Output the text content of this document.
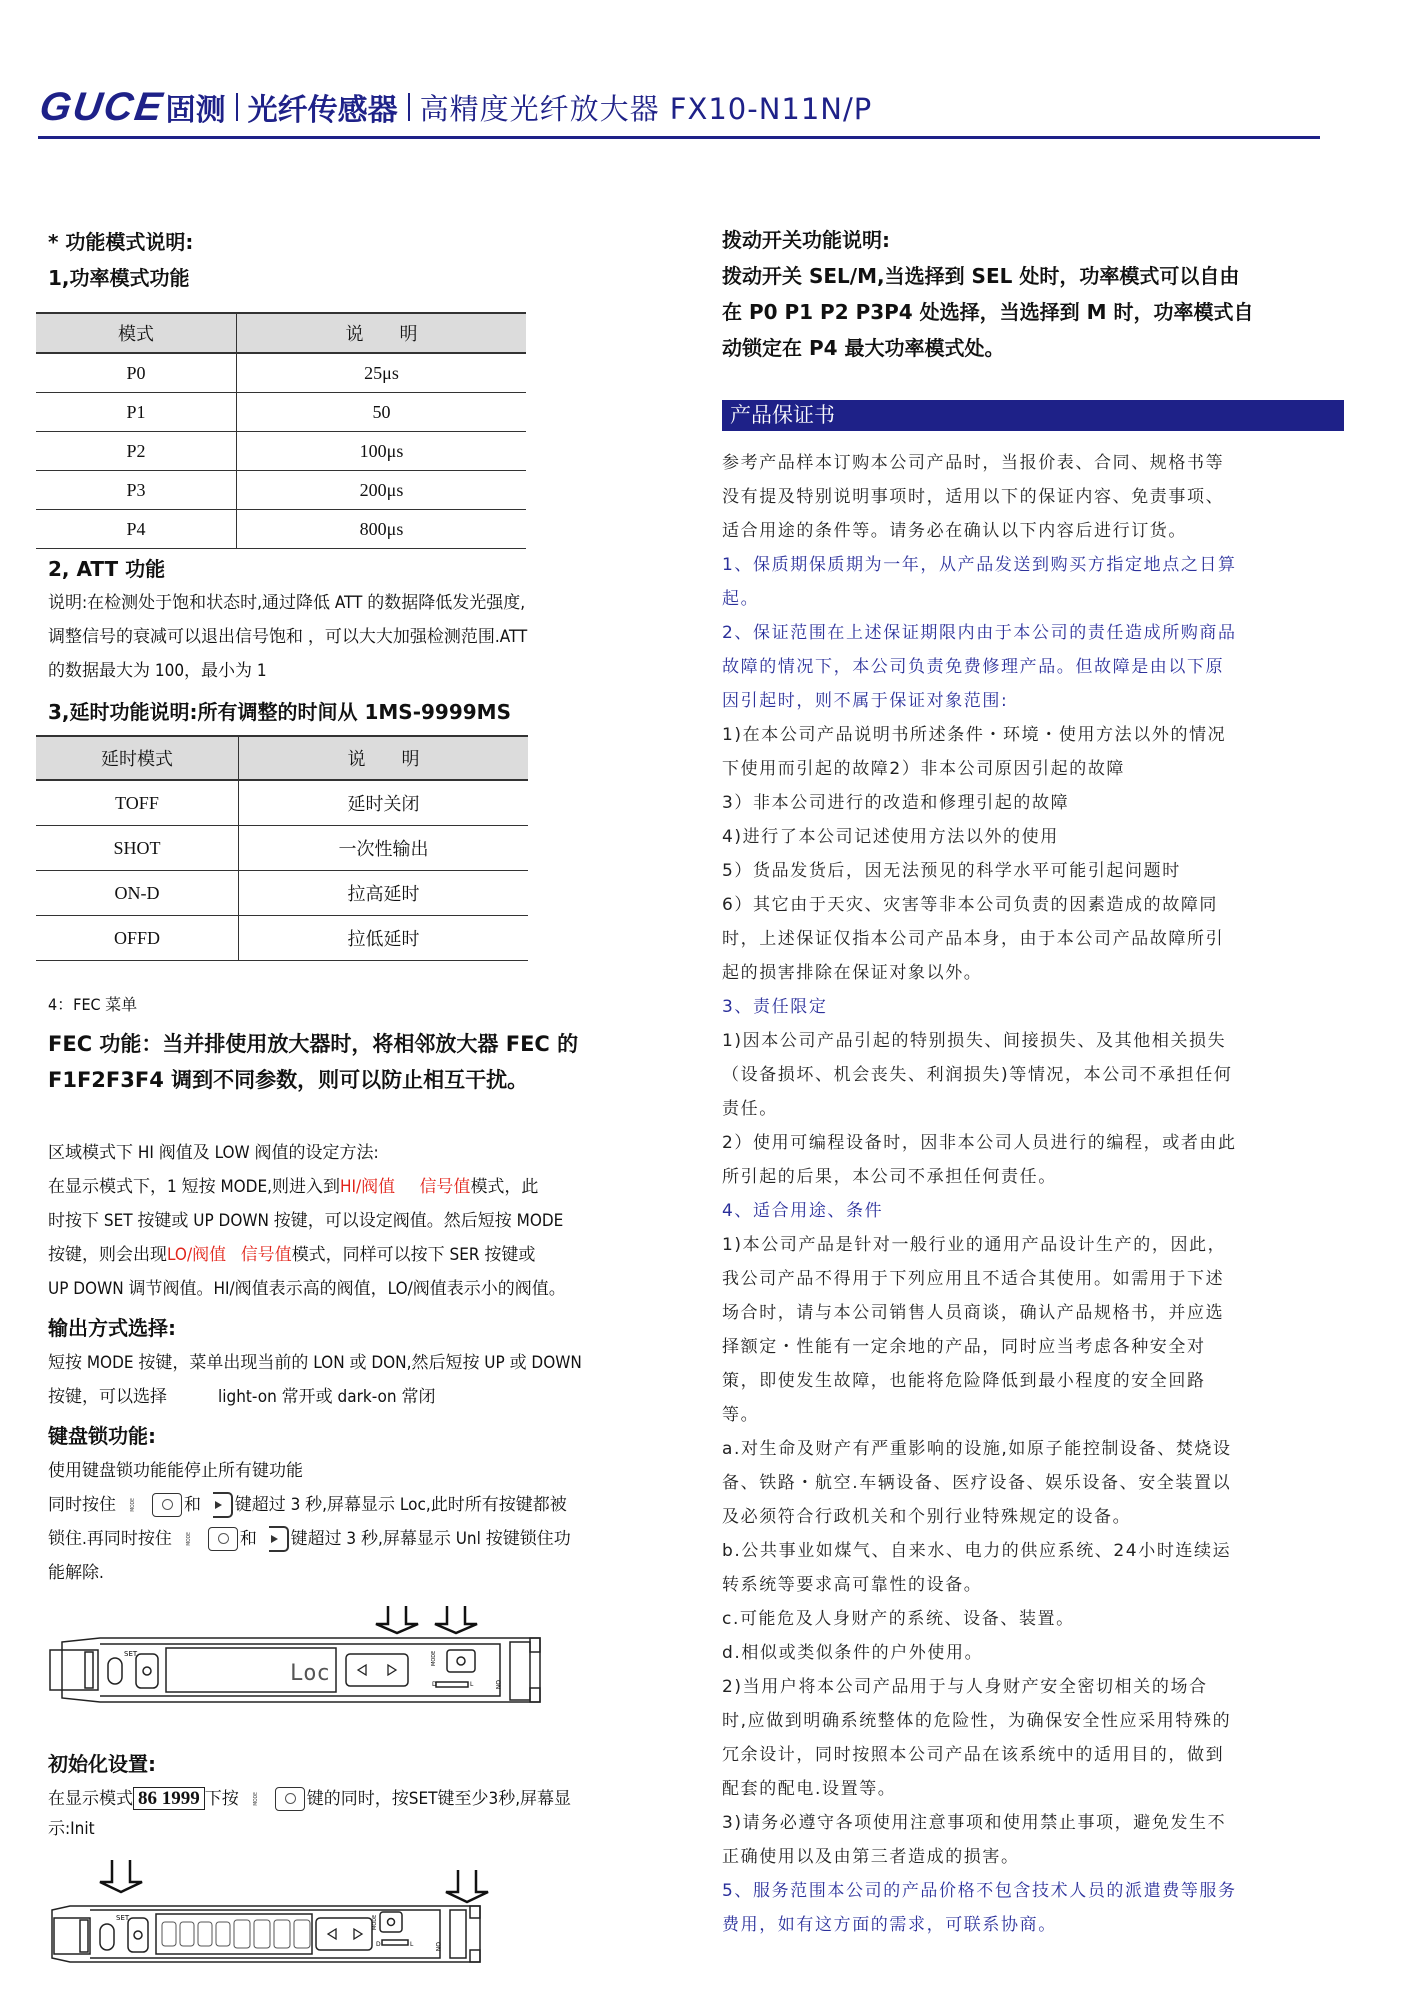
GUCE
固测 光纤传感器 高精度光纤放大器 FX10-N11N/P
* 功能模式说明:
1,功率模式功能
模式	说　　明
P0	25μs
P1	50
P2	100μs
P3	200μs
P4	800μs
2, ATT 功能
说明:在检测处于饱和状态时,通过降低 ATT 的数据降低发光强度,
调整信号的衰减可以退出信号饱和 ，可以大大加强检测范围.ATT
的数据最大为 100，最小为 1
3,延时功能说明:所有调整的时间从 1MS-9999MS
延时模式	说　　明
TOFF	延时关闭
SHOT	一次性输出
ON-D	拉高延时
OFFD	拉低延时
4：FEC 菜单
FEC 功能：当并排使用放大器时，将相邻放大器 FEC 的
F1F2F3F4 调到不同参数，则可以防止相互干扰。
区域模式下 HI 阀值及 LOW 阀值的设定方法:
在显示模式下，1 短按 MODE,则进入到HI/阀值 信号值模式，此
时按下 SET 按键或 UP DOWN 按键，可以设定阀值。然后短按 MODE
按键，则会出现LO/阀值 信号值模式，同样可以按下 SER 按键或
UP DOWN 调节阀值。HI/阀值表示高的阀值，LO/阀值表示小的阀值。
输出方式选择:
短按 MODE 按键，菜单出现当前的 LON 或 DON,然后短按 UP 或 DOWN
按键，可以选择　　　light-on 常开或 dark-on 常闭
键盘锁功能:
使用键盘锁功能能停止所有键功能
同时按住	MODE	和 键超过 3 秒,屏幕显示 Loc,此时所有按键都被
锁住.再同时按住	MODE	和 键超过 3 秒,屏幕显示 Unl 按键锁住功
能解除.
SET
Loc	D	L
MODE
ON
初始化设置:
在显示模式 86 1999 下按	MODE	键的同时，按SET键至少3秒,屏幕显
示:Init
SET
D	L
MODE
ON
拨动开关功能说明:
拨动开关 SEL/M,当选择到 SEL 处时，功率模式可以自由
在 P0 P1 P2 P3P4 处选择，当选择到 M 时，功率模式自
动锁定在 P4 最大功率模式处。
产品保证书
参考产品样本订购本公司产品时，当报价表、合同、规格书等
没有提及特别说明事项时，适用以下的保证内容、免责事项、
适合用途的条件等。请务必在确认以下内容后进行订货。
1、保质期保质期为一年，从产品发送到购买方指定地点之日算
起。
2、保证范围在上述保证期限内由于本公司的责任造成所购商品
故障的情况下，本公司负责免费修理产品。但故障是由以下原
因引起时，则不属于保证对象范围:
1)在本公司产品说明书所述条件・环境・使用方法以外的情况
下使用而引起的故障2）非本公司原因引起的故障
3）非本公司进行的改造和修理引起的故障
4)进行了本公司记述使用方法以外的使用
5）货品发货后，因无法预见的科学水平可能引起问题时
6）其它由于天灾、灾害等非本公司负责的因素造成的故障同
时，上述保证仅指本公司产品本身，由于本公司产品故障所引
起的损害排除在保证对象以外。
3、责任限定
1)因本公司产品引起的特别损失、间接损失、及其他相关损失
（设备损坏、机会丧失、利润损失)等情况，本公司不承担任何
责任。
2）使用可编程设备时，因非本公司人员进行的编程，或者由此
所引起的后果，本公司不承担任何责任。
4、适合用途、条件
1)本公司产品是针对一般行业的通用产品设计生产的，因此，
我公司产品不得用于下列应用且不适合其使用。如需用于下述
场合时，请与本公司销售人员商谈，确认产品规格书，并应选
择额定・性能有一定余地的产品，同时应当考虑各种安全对
策，即使发生故障，也能将危险降低到最小程度的安全回路
等。
a.对生命及财产有严重影响的设施,如原子能控制设备、焚烧设
备、铁路・航空.车辆设备、医疗设备、娱乐设备、安全装置以
及必须符合行政机关和个别行业特殊规定的设备。
b.公共事业如煤气、自来水、电力的供应系统、24小时连续运
转系统等要求高可靠性的设备。
c.可能危及人身财产的系统、设备、装置。
d.相似或类似条件的户外使用。
2)当用户将本公司产品用于与人身财产安全密切相关的场合
时,应做到明确系统整体的危险性，为确保安全性应采用特殊的
冗余设计，同时按照本公司产品在该系统中的适用目的，做到
配套的配电.设置等。
3)请务必遵守各项使用注意事项和使用禁止事项，避免发生不
正确使用以及由第三者造成的损害。
5、服务范围本公司的产品价格不包含技术人员的派遣费等服务
费用，如有这方面的需求，可联系协商。
